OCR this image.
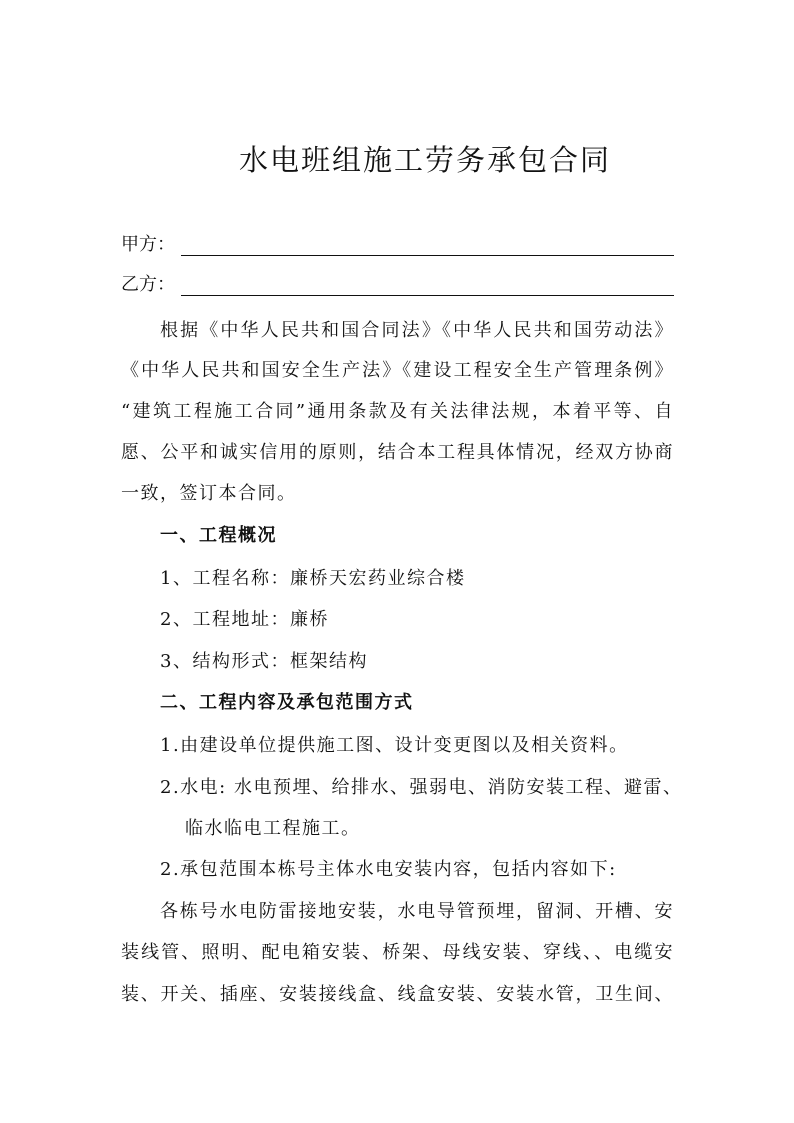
水电班组施工劳务承包合同
甲方：
乙方：
根据《中华人民共和国合同法》《中华人民共和国劳动法》
《中华人民共和国安全生产法》《建设工程安全生产管理条例》
“建筑工程施工合同”通用条款及有关法律法规，本着平等、自
愿、公平和诚实信用的原则，结合本工程具体情况，经双方协商
一致，签订本合同。
一、工程概况
1、工程名称：廉桥天宏药业综合楼
2、工程地址：廉桥
3、结构形式：框架结构
二、工程内容及承包范围方式
1.由建设单位提供施工图、设计变更图以及相关资料。
2.水电: 水电预埋、给排水、强弱电、消防安装工程、避雷、
临水临电工程施工。
2.承包范围本栋号主体水电安装内容，包括内容如下:
各栋号水电防雷接地安装，水电导管预埋，留洞、开槽、安
装线管、照明、配电箱安装、桥架、母线安装、穿线、、电缆安
装、开关、插座、安装接线盒、线盒安装、安装水管，卫生间、
